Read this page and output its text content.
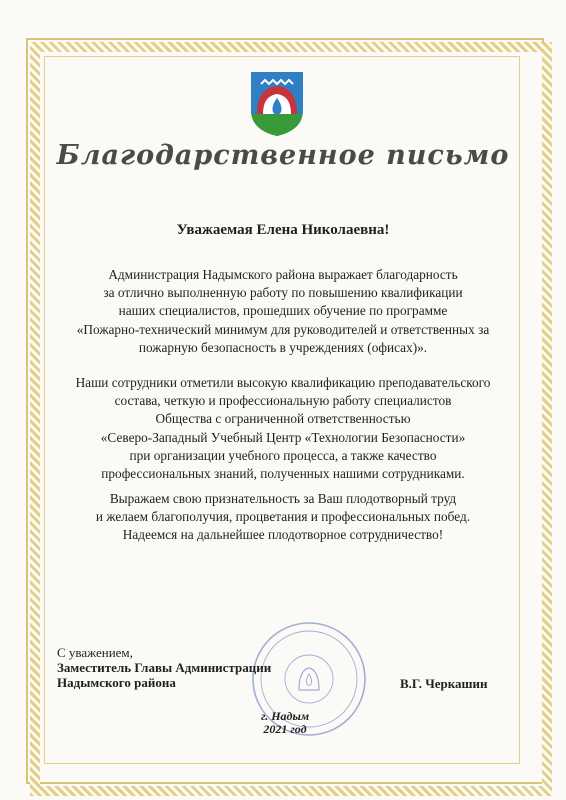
Благодарственное письмо
Уважаемая Елена Николаевна!
Администрация Надымского района выражает благодарность
за отлично выполненную работу по повышению квалификации
наших специалистов, прошедших обучение по программе
«Пожарно-технический минимум для руководителей и ответственных за
пожарную безопасность в учреждениях (офисах)».
Наши сотрудники отметили высокую квалификацию преподавательского
состава, четкую и профессиональную работу специалистов
Общества с ограниченной ответственностью
«Северо-Западный Учебный Центр «Технологии Безопасности»
при организации учебного процесса, а также качество
профессиональных знаний, полученных нашими сотрудниками.
Выражаем свою признательность за Ваш плодотворный труд
и желаем благополучия, процветания и профессиональных побед.
Надеемся на дальнейшее плодотворное сотрудничество!
С уважением,
Заместитель Главы Администрации
Надымского района	В.Г. Черкашин
г. Надым
2021 год
